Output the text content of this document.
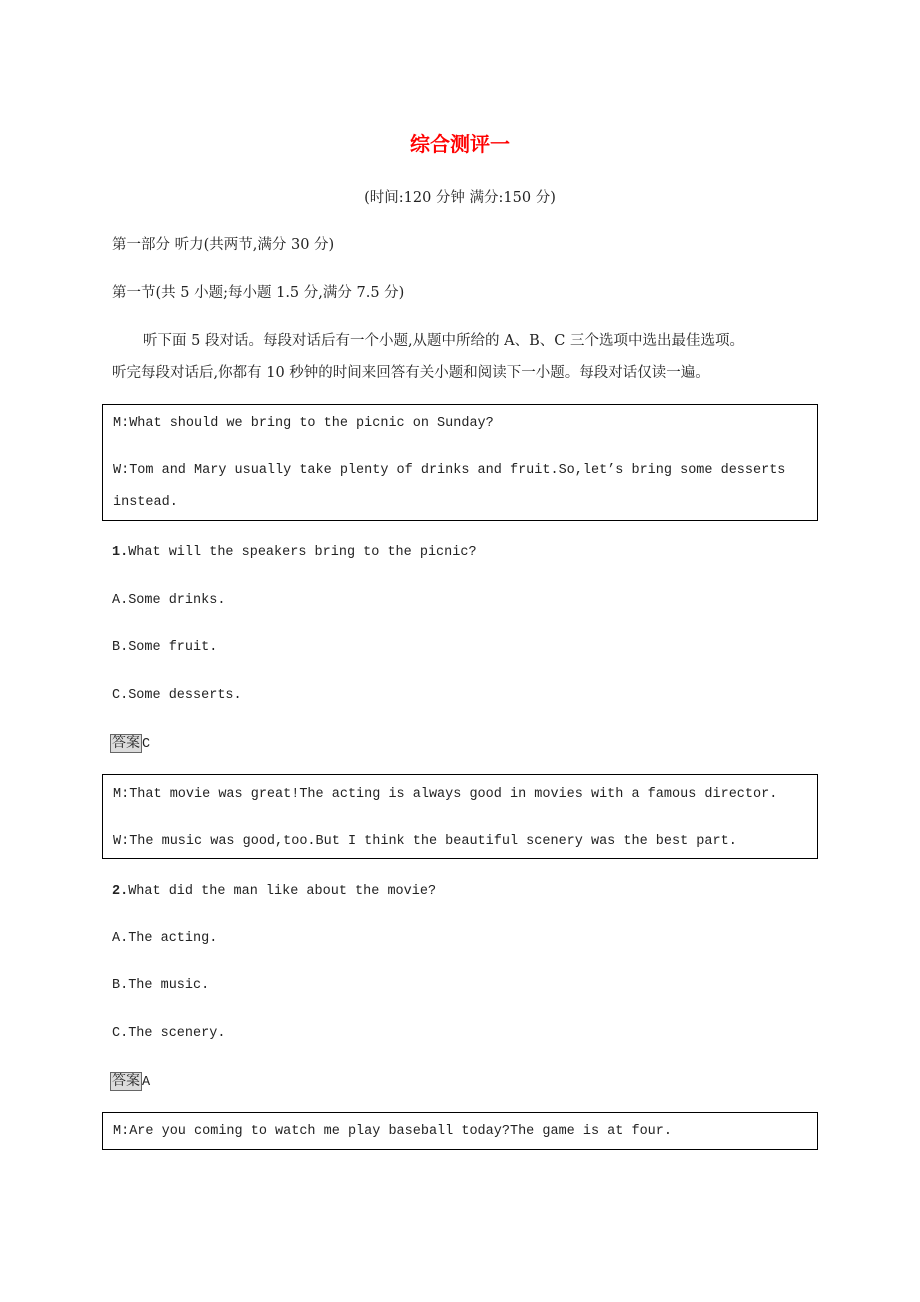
综合测评一
(时间:120 分钟 满分:150 分)
第一部分 听力(共两节,满分 30 分)
第一节(共 5 小题;每小题 1.5 分,满分 7.5 分)
听下面 5 段对话。每段对话后有一个小题,从题中所给的 A、B、C 三个选项中选出最佳选项。
听完每段对话后,你都有 10 秒钟的时间来回答有关小题和阅读下一小题。每段对话仅读一遍。
M:What should we bring to the picnic on Sunday?
W:Tom and Mary usually take plenty of drinks and fruit.So,let’s bring some desserts
instead.
1.What will the speakers bring to the picnic?
A.Some drinks.
B.Some fruit.
C.Some desserts.
答案 C
M:That movie was great!The acting is always good in movies with a famous director.
W:The music was good,too.But I think the beautiful scenery was the best part.
2.What did the man like about the movie?
A.The acting.
B.The music.
C.The scenery.
答案 A
M:Are you coming to watch me play baseball today?The game is at four.
